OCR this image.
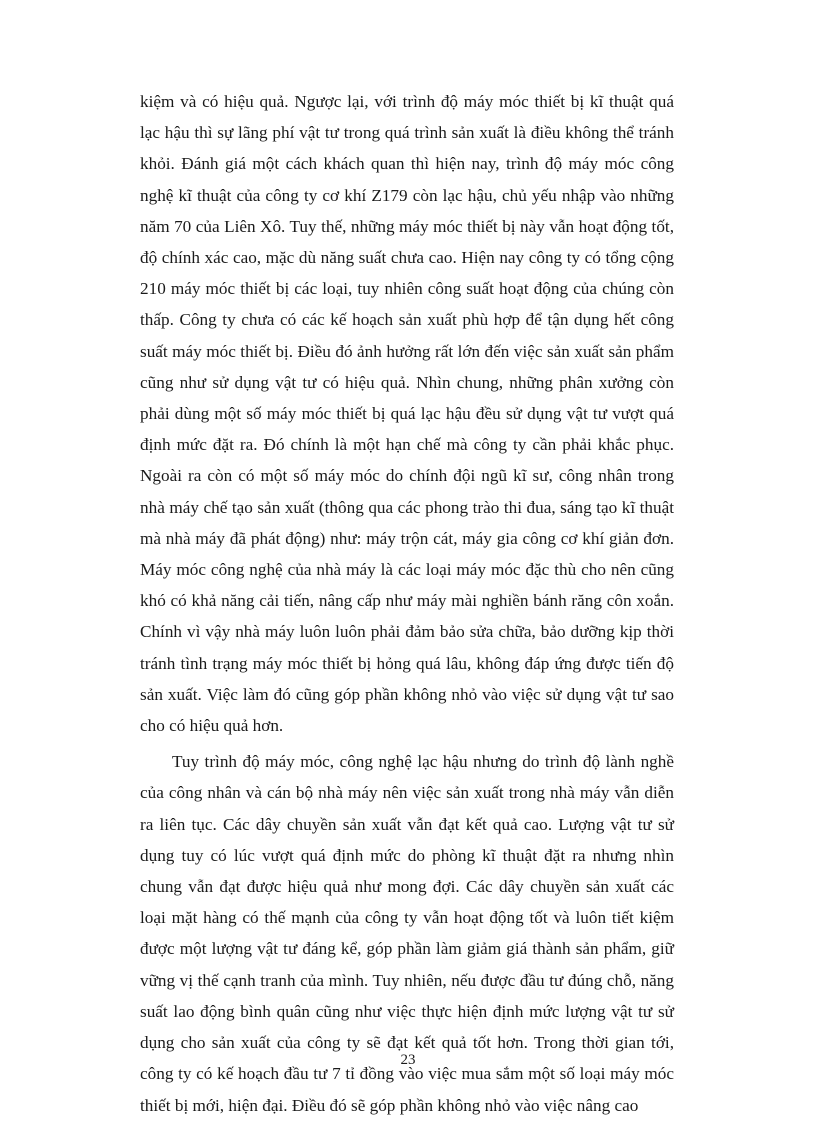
kiệm và có hiệu quả. Ngược lại, với trình độ máy móc thiết bị kĩ thuật quá lạc hậu thì sự lãng phí vật tư trong quá trình sản xuất là điều không thể tránh khỏi. Đánh giá một cách khách quan thì hiện nay, trình độ máy móc công nghệ kĩ thuật của công ty cơ khí Z179 còn lạc hậu, chủ yếu nhập vào những năm 70 của Liên Xô. Tuy thế, những máy móc thiết bị này vẫn hoạt động tốt, độ chính xác cao, mặc dù năng suất chưa cao. Hiện nay công ty có tổng cộng 210 máy móc thiết bị các loại, tuy nhiên công suất hoạt động của chúng còn thấp. Công ty chưa có các kế hoạch sản xuất phù hợp để tận dụng hết công suất máy móc thiết bị. Điều đó ảnh hưởng rất lớn đến việc sản xuất sản phẩm cũng như sử dụng vật tư có hiệu quả. Nhìn chung, những phân xưởng còn phải dùng một số máy móc thiết bị quá lạc hậu đều sử dụng vật tư vượt quá định mức đặt ra. Đó chính là một hạn chế mà công ty cần phải khắc phục. Ngoài ra còn có một số máy móc do chính đội ngũ kĩ sư, công nhân trong nhà máy chế tạo sản xuất (thông qua các phong trào thi đua, sáng tạo kĩ thuật mà nhà máy đã phát động) như: máy trộn cát, máy gia công cơ khí giản đơn. Máy móc công nghệ của nhà máy là các loại máy móc đặc thù cho nên cũng khó có khả năng cải tiến, nâng cấp như máy mài nghiền bánh răng côn xoắn. Chính vì vậy nhà máy luôn luôn phải đảm bảo sửa chữa, bảo dưỡng kịp thời tránh tình trạng máy móc thiết bị hỏng quá lâu, không đáp ứng được tiến độ sản xuất. Việc làm đó cũng góp phần không nhỏ vào việc sử dụng vật tư sao cho có hiệu quả hơn.

Tuy trình độ máy móc, công nghệ lạc hậu nhưng do trình độ lành nghề của công nhân và cán bộ nhà máy nên việc sản xuất trong nhà máy vẫn diễn ra liên tục. Các dây chuyền sản xuất vẫn đạt kết quả cao. Lượng vật tư sử dụng tuy có lúc vượt quá định mức do phòng kĩ thuật đặt ra nhưng nhìn chung vẫn đạt được hiệu quả như mong đợi. Các dây chuyền sản xuất các loại mặt hàng có thế mạnh của công ty vẫn hoạt động tốt và luôn tiết kiệm được một lượng vật tư đáng kể, góp phần làm giảm giá thành sản phẩm, giữ vững vị thế cạnh tranh của mình. Tuy nhiên, nếu được đầu tư đúng chỗ, năng suất lao động bình quân cũng như việc thực hiện định mức lượng vật tư sử dụng cho sản xuất của công ty sẽ đạt kết quả tốt hơn. Trong thời gian tới, công ty có kế hoạch đầu tư 7 tỉ đồng vào việc mua sắm một số loại máy móc thiết bị mới, hiện đại. Điều đó sẽ góp phần không nhỏ vào việc nâng cao

23
